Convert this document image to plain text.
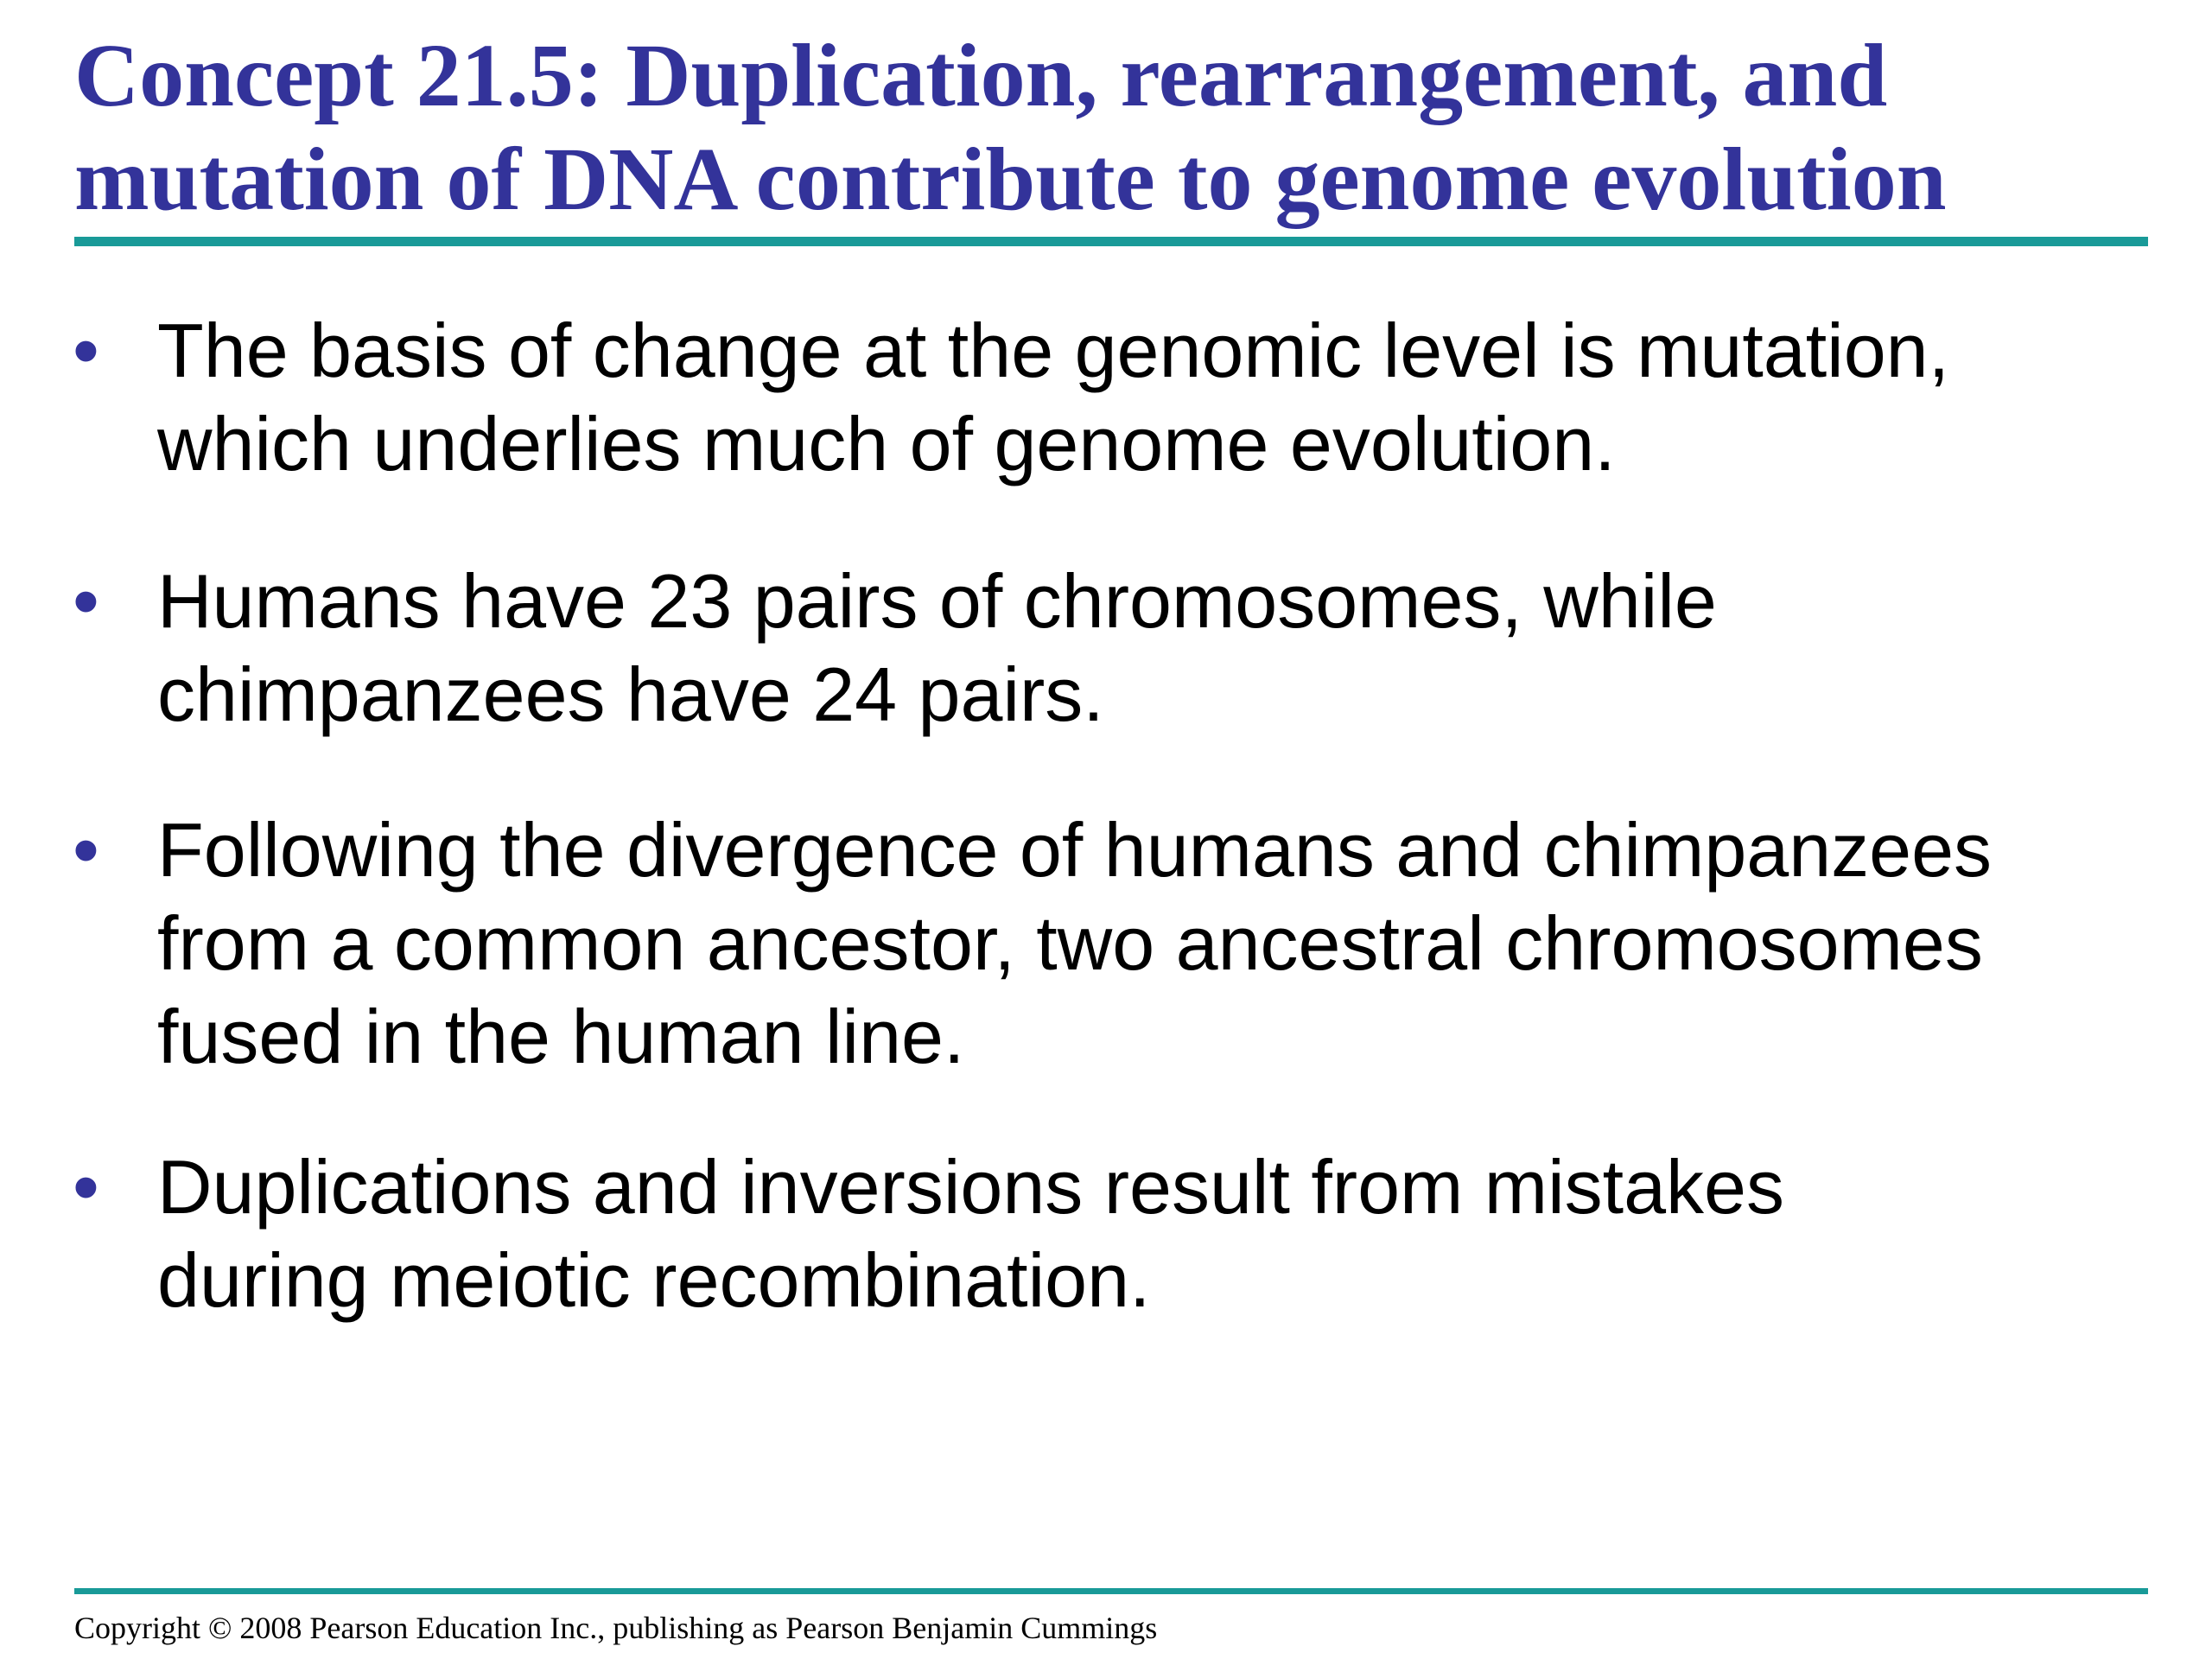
Concept 21.5: Duplication, rearrangement, and
mutation of DNA contribute to genome evolution
• The basis of change at the genomic level is mutation,
which underlies much of genome evolution.
• Humans have 23 pairs of chromosomes, while
chimpanzees have 24 pairs.
• Following the divergence of humans and chimpanzees
from a common ancestor, two ancestral chromosomes
fused in the human line.
• Duplications and inversions result from mistakes
during meiotic recombination.
Copyright © 2008 Pearson Education Inc., publishing as Pearson Benjamin Cummings
